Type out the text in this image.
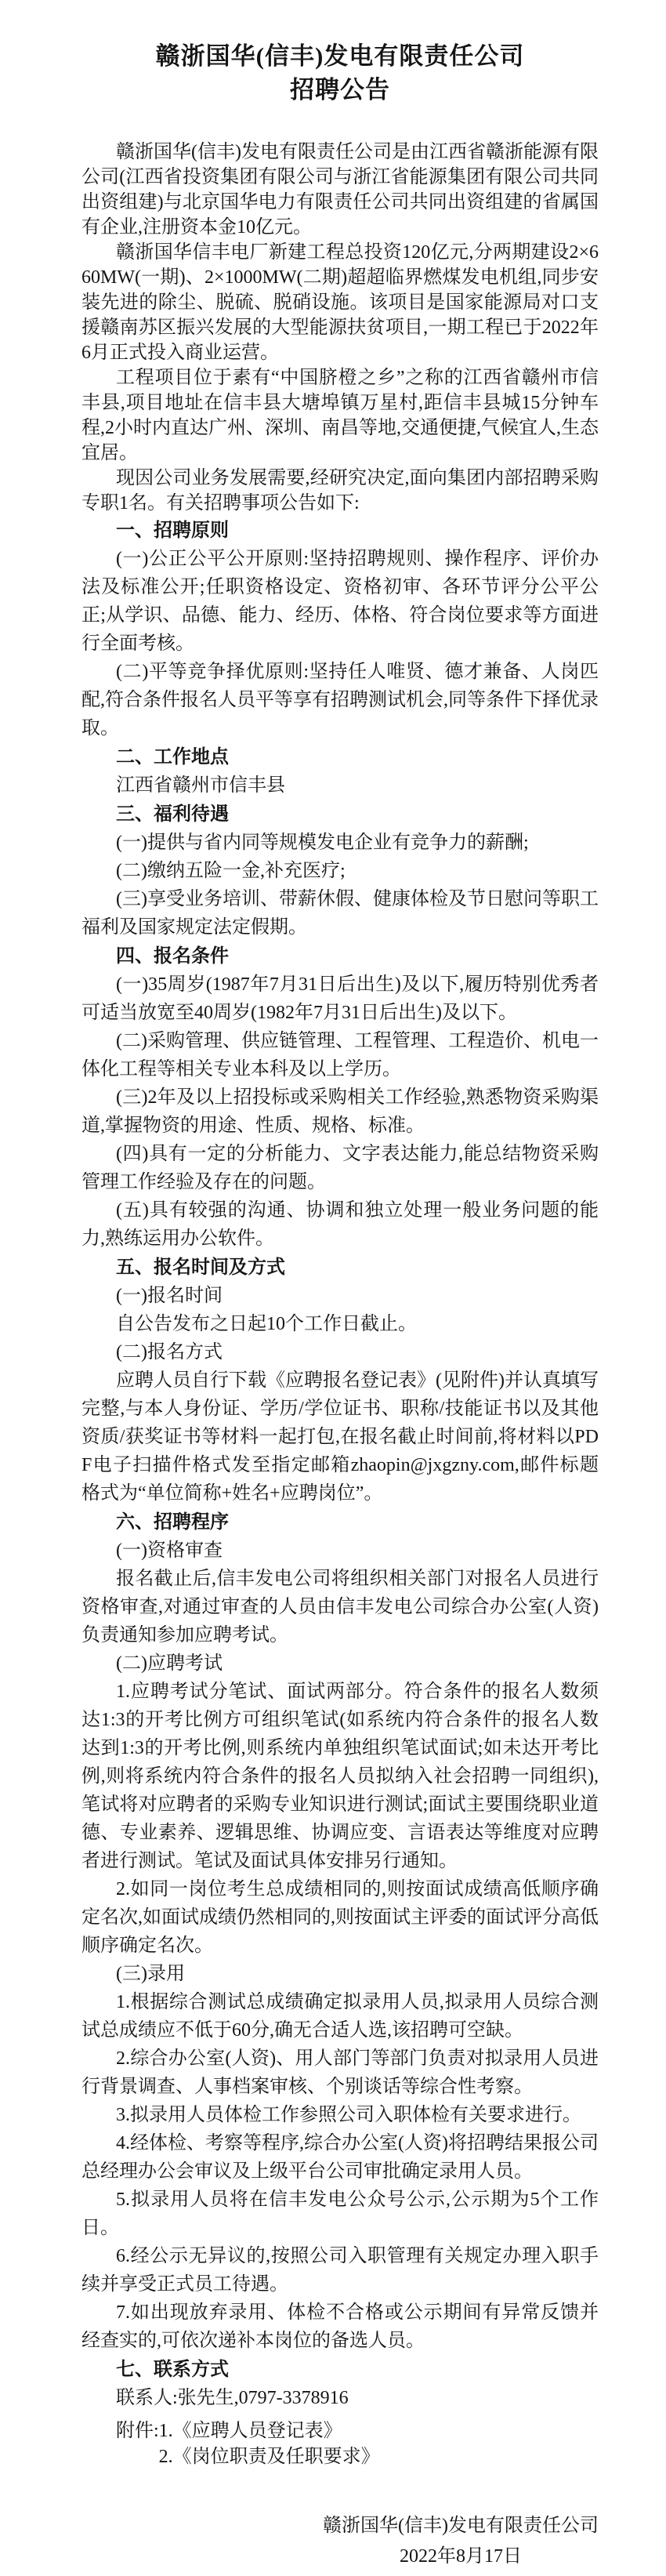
赣浙国华(信丰)发电有限责任公司
招聘公告

赣浙国华(信丰)发电有限责任公司是由江西省赣浙能源有限公司(江西省投资集团有限公司与浙江省能源集团有限公司共同出资组建)与北京国华电力有限责任公司共同出资组建的省属国有企业,注册资本金10亿元。

赣浙国华信丰电厂新建工程总投资120亿元,分两期建设2×660MW(一期)、2×1000MW(二期)超超临界燃煤发电机组,同步安装先进的除尘、脱硫、脱硝设施。该项目是国家能源局对口支援赣南苏区振兴发展的大型能源扶贫项目,一期工程已于2022年6月正式投入商业运营。

工程项目位于素有“中国脐橙之乡”之称的江西省赣州市信丰县,项目地址在信丰县大塘埠镇万星村,距信丰县城15分钟车程,2小时内直达广州、深圳、南昌等地,交通便捷,气候宜人,生态宜居。

现因公司业务发展需要,经研究决定,面向集团内部招聘采购专职1名。有关招聘事项公告如下:

一、招聘原则

(一)公正公平公开原则:坚持招聘规则、操作程序、评价办法及标准公开;任职资格设定、资格初审、各环节评分公平公正;从学识、品德、能力、经历、体格、符合岗位要求等方面进行全面考核。

(二)平等竞争择优原则:坚持任人唯贤、德才兼备、人岗匹配,符合条件报名人员平等享有招聘测试机会,同等条件下择优录取。

二、工作地点

江西省赣州市信丰县

三、福利待遇

(一)提供与省内同等规模发电企业有竞争力的薪酬;

(二)缴纳五险一金,补充医疗;

(三)享受业务培训、带薪休假、健康体检及节日慰问等职工福利及国家规定法定假期。

四、报名条件

(一)35周岁(1987年7月31日后出生)及以下,履历特别优秀者可适当放宽至40周岁(1982年7月31日后出生)及以下。

(二)采购管理、供应链管理、工程管理、工程造价、机电一体化工程等相关专业本科及以上学历。

(三)2年及以上招投标或采购相关工作经验,熟悉物资采购渠道,掌握物资的用途、性质、规格、标准。

(四)具有一定的分析能力、文字表达能力,能总结物资采购管理工作经验及存在的问题。

(五)具有较强的沟通、协调和独立处理一般业务问题的能力,熟练运用办公软件。

五、报名时间及方式

(一)报名时间

自公告发布之日起10个工作日截止。

(二)报名方式

应聘人员自行下载《应聘报名登记表》(见附件)并认真填写完整,与本人身份证、学历/学位证书、职称/技能证书以及其他资质/获奖证书等材料一起打包,在报名截止时间前,将材料以PDF电子扫描件格式发至指定邮箱zhaopin@jxgzny.com,邮件标题格式为“单位简称+姓名+应聘岗位”。

六、招聘程序

(一)资格审查

报名截止后,信丰发电公司将组织相关部门对报名人员进行资格审查,对通过审查的人员由信丰发电公司综合办公室(人资)负责通知参加应聘考试。

(二)应聘考试

1.应聘考试分笔试、面试两部分。符合条件的报名人数须达1:3的开考比例方可组织笔试(如系统内符合条件的报名人数达到1:3的开考比例,则系统内单独组织笔试面试;如未达开考比例,则将系统内符合条件的报名人员拟纳入社会招聘一同组织),笔试将对应聘者的采购专业知识进行测试;面试主要围绕职业道德、专业素养、逻辑思维、协调应变、言语表达等维度对应聘者进行测试。笔试及面试具体安排另行通知。

2.如同一岗位考生总成绩相同的,则按面试成绩高低顺序确定名次,如面试成绩仍然相同的,则按面试主评委的面试评分高低顺序确定名次。

(三)录用

1.根据综合测试总成绩确定拟录用人员,拟录用人员综合测试总成绩应不低于60分,确无合适人选,该招聘可空缺。

2.综合办公室(人资)、用人部门等部门负责对拟录用人员进行背景调查、人事档案审核、个别谈话等综合性考察。

3.拟录用人员体检工作参照公司入职体检有关要求进行。

4.经体检、考察等程序,综合办公室(人资)将招聘结果报公司总经理办公会审议及上级平台公司审批确定录用人员。

5.拟录用人员将在信丰发电公众号公示,公示期为5个工作日。

6.经公示无异议的,按照公司入职管理有关规定办理入职手续并享受正式员工待遇。

7.如出现放弃录用、体检不合格或公示期间有异常反馈并经查实的,可依次递补本岗位的备选人员。

七、联系方式

联系人:张先生,0797-3378916

附件: 1.《应聘人员登记表》
2.《岗位职责及任职要求》
赣浙国华(信丰)发电有限责任公司
2022年8月17日
